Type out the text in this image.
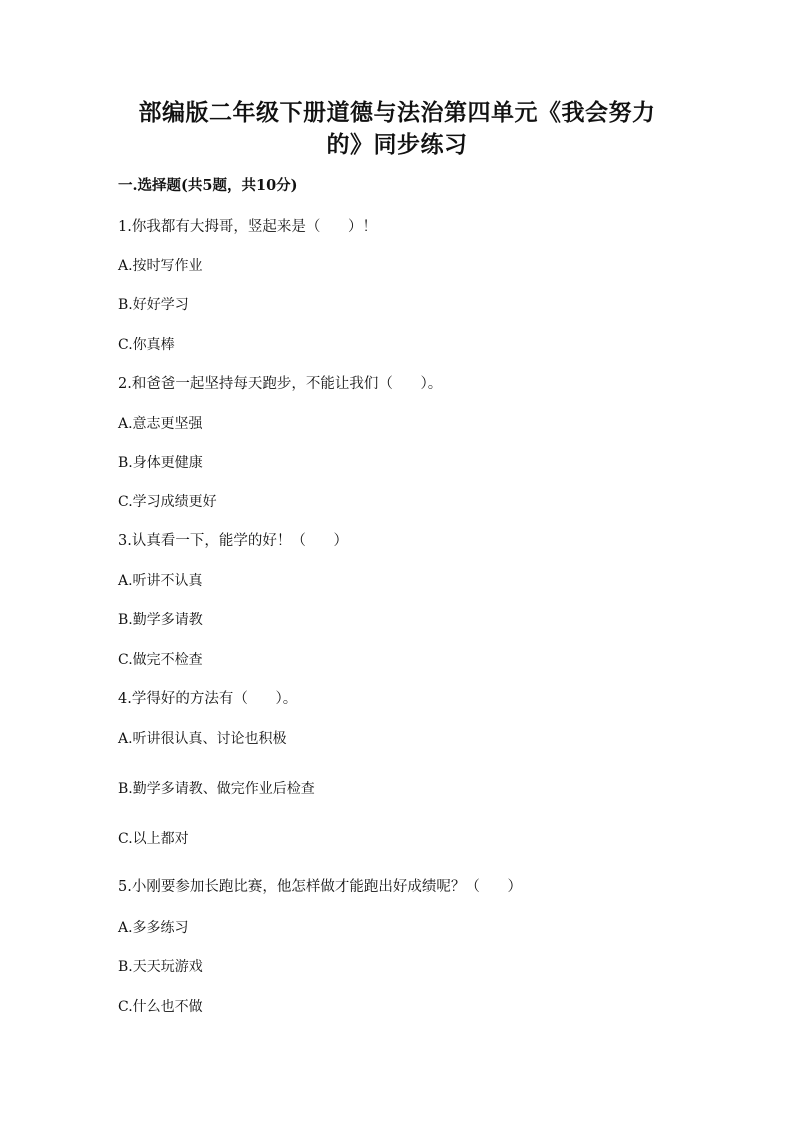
部编版二年级下册道德与法治第四单元《我会努力
的》同步练习
一.选择题(共5题，共10分)
1.你我都有大拇哥，竖起来是（      ）！
A.按时写作业
B.好好学习
C.你真棒
2.和爸爸一起坚持每天跑步，不能让我们（      ）。
A.意志更坚强
B.身体更健康
C.学习成绩更好
3.认真看一下，能学的好！（      ）
A.听讲不认真
B.勤学多请教
C.做完不检查
4.学得好的方法有（      ）。
A.听讲很认真、讨论也积极
B.勤学多请教、做完作业后检查
C.以上都对
5.小刚要参加长跑比赛，他怎样做才能跑出好成绩呢？（      ）
A.多多练习
B.天天玩游戏
C.什么也不做
